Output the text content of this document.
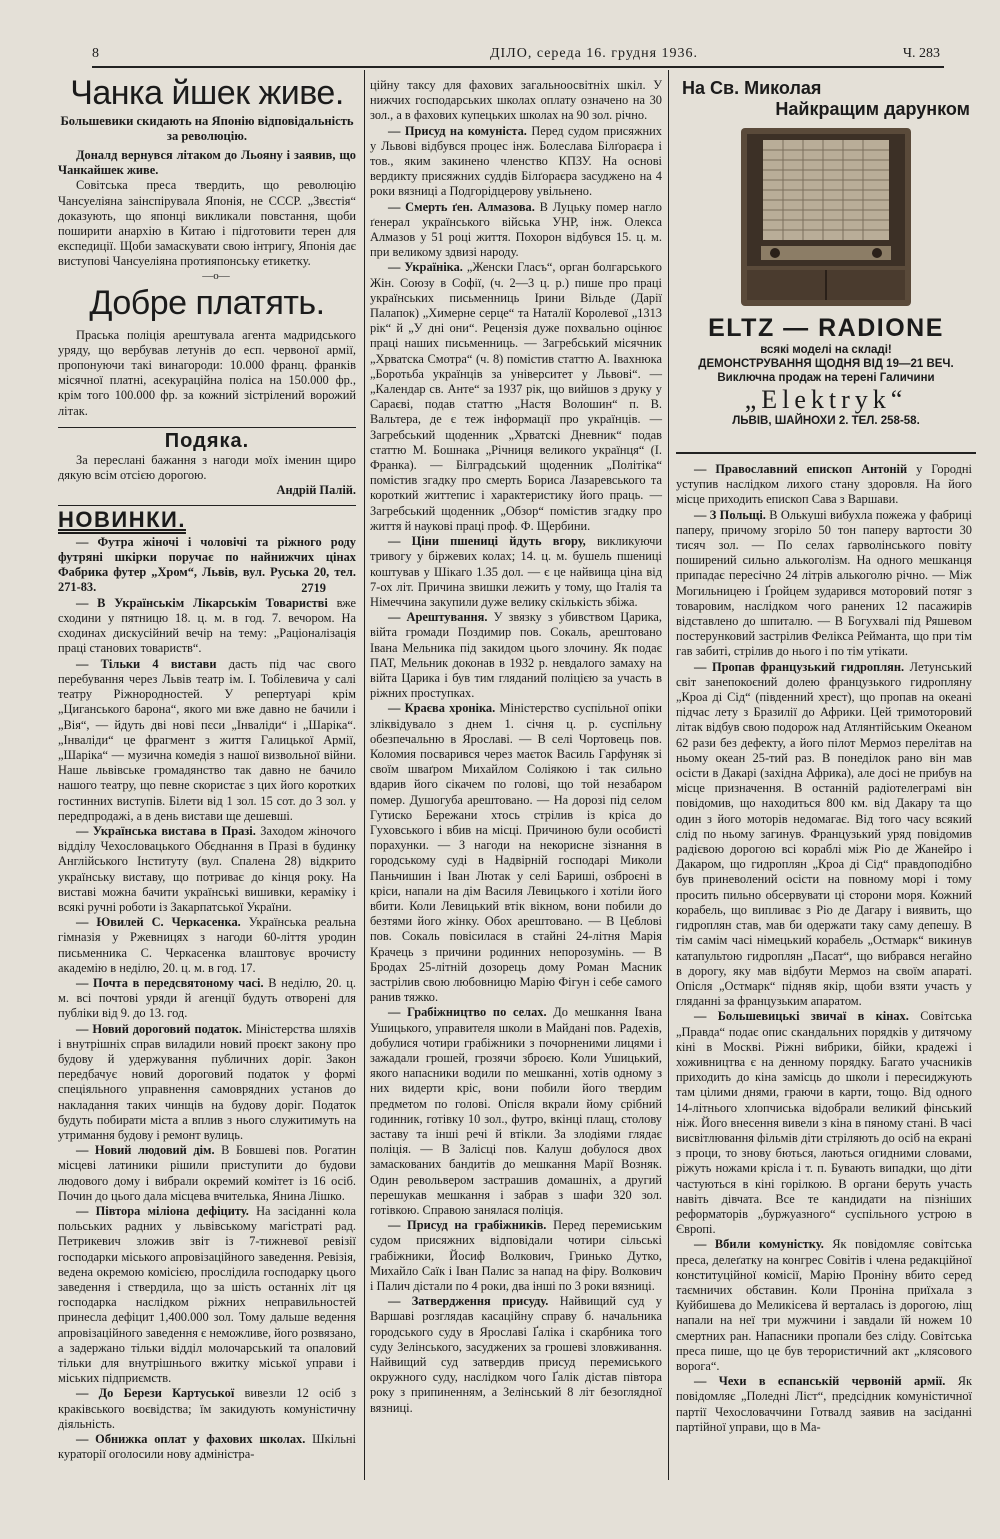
8	ДІЛО, середа 16. грудня 1936.	Ч. 283
Чанка йшек живе.
Большевики скидають на Японію відповідальність за революцію.

Доналд вернувся літаком до Льояну і заявив, що Чанкайшек живе.

Совітська преса твердить, що революцію Чансуеліяна заінспірувала Японія, не СССР. „Звєстія“ доказують, що японці викликали повстання, щоби поширити анархію в Китаю і підготовити терен для експедиції. Щоби замаскувати свою інтригу, Японія дає виступові Чансуеліяна протияпонську етикетку.

—o—

Добре платять.

Праська поліція арештувала агента мадридського уряду, що вербував летунів до есп. червоної армії, пропонуючи такі винагороди: 10.000 франц. франків місячної платні, асекураційна поліса на 150.000 фр., крім того 100.000 фр. за кожний зістрілений ворожий літак.

Подяка.

За переслані бажання з нагоди моїх іменин щиро дякую всім отсією дорогою.

Андрій Палій.
НОВИНКИ.

— Футра жіночі і чоловічі та ріжного роду футряні шкірки поручає по найнижчих цінах Фабрика футер „Хром“, Львів, вул. Руська 20, тел. 271-83.	2719

— В Українськім Лікарськім Товаристві вже сходини у пятницю 18. ц. м. в год. 7. вечором. На сходинах дискусійний вечір на тему: „Раціоналізація праці станових товариств“.

— Тільки 4 вистави дасть під час свого перебування через Львів театр ім. І. Тобілевича у салі театру Ріжнородностей. У репертуарі крім „Циганського барона“, якого ми вже давно не бачили і „Вія“, — йдуть дві нові пєси „Інваліди“ і „Шаріка“. „Інваліди“ це фрагмент з життя Галицької Армії, „Шаріка“ — музична комедія з нашої визвольної війни. Наше львівське громадянство так давно не бачило нашого театру, що певне скористає з цих його коротких гостинних виступів. Білети від 1 зол. 15 сот. до 3 зол. у передпродажі, а в день вистави ще дешевші.

— Українська вистава в Празі. Заходом жіночого відділу Чехословацького Обєднання в Празі в будинку Англійського Інституту (вул. Спалена 28) відкрито українську виставу, що потриває до кінця року. На виставі можна бачити українські вишивки, кераміку і всякі ручні роботи із Закарпатської України.

— Ювилей С. Черкасенка. Українська реальна гімназія у Ржевницях з нагоди 60-ліття уродин письменника С. Черкасенка влаштовує врочисту академію в неділю, 20. ц. м. в год. 17.

— Почта в передсвятоному часі. В неділю, 20. ц. м. всі почтові уряди й агенції будуть отворені для публіки від 9. до 13. год.

— Новий дороговий податок. Міністерства шляхів і внутрішніх справ виладили новий проєкт закону про будову й удержування публичних доріг. Закон передбачує новий дороговий податок у формі спеціяльного управнення самоврядних установ до накладання таких чинщів на будову доріг. Податок будуть побирати міста а вплив з нього служитимуть на утримання будову і ремонт вулиць.

— Новий людовий дім. В Бовшеві пов. Рогатин місцеві латиники рішили приступити до будови людового дому і вибрали окремий комітет із 16 осіб. Почин до цього дала місцева вчителька, Янина Лішко.

— Півтора міліона дефіциту. На засіданні кола польських радних у львівському магістраті рад. Петрикевич зложив звіт із 7-тижневої ревізії господарки міського апровізаційного заведення. Ревізія, ведена окремою комісією, прослідила господарку цього заведення і ствердила, що за шість останніх літ ця господарка наслідком ріжних неправильностей принесла дефіцит 1,400.000 зол. Тому дальше ведення апровізаційного заведення є неможливе, його розвязано, а задержано тільки відділ молочарський та опаловий тільки для внутрішнього вжитку міської управи і міських підприємств.

— До Берези Картуської вивезли 12 осіб з краківського воєвідства; їм закидують комуністичну діяльність.

— Обнижка оплат у фахових школах. Шкільні кураторії оголосили нову адміністра-

ційну таксу для фахових загальноосвітніх шкіл. У нижчих господарських школах оплату означено на 30 зол., а в фахових купецьких школах на 90 зол. річно.

— Присуд на комуніста. Перед судом присяжних у Львові відбувся процес інж. Болеслава Білґораєра і тов., яким закинено членство КПЗУ. На основі вердикту присяжних суддів Білґораєра засуджено на 4 роки вязниці а Подгорідцерову увільнено.

— Смерть ґен. Алмазова. В Луцьку помер наглo ґенерал українського війська УНР, інж. Олекса Алмазов у 51 році життя. Похорон відбувся 15. ц. м. при великому здвизі народу.

— Україніка. „Женски Гласъ“, орган болгарського Жін. Союзу в Софії, (ч. 2—3 ц. р.) пише про праці українських письменниць Ірини Вільде (Дарії Палапок) „Химерне серце“ та Наталії Королевої „1313 рік“ й „У дні они“. Рецензія дуже похвально оцінює праці наших письменниць. — Загребський місячник „Хрватска Смотра“ (ч. 8) помістив статтю А. Івахнюка „Боротьба українців за університет у Львові“. — „Календар св. Анте“ за 1937 рік, що вийшов з друку у Сараєві, подав статтю „Настя Волошин“ п. В. Вальтера, де є теж інформації про українців. — Загребський щоденник „Хрватскі Дневник“ подав статтю М. Бошнака „Річниця великого українця“ (І. Франка). — Білградський щоденник „Політіка“ помістив згадку про смерть Бориса Лазаревського та короткий життепис і характеристику його праць. — Загребський щоденник „Обзор“ помістив згадку про життя й наукові праці проф. Ф. Щербини.

— Ціни пшениці йдуть вгору, викликуючи тривогу у біржевих колах; 14. ц. м. бушель пшениці коштував у Шікаго 1.35 дол. — є це найвища ціна від 7-ох літ. Причина звишки лежить у тому, що Італія та Німеччина закупили дуже велику скількість збіжа.

— Арештування. У звязку з убивством Царика, війта громади Поздимир пов. Сокаль, арештовано Івана Мельника під закидом цього злочину. Як подає ПАТ, Мельник доконав в 1932 р. невдалого замаху на війта Царика і був тим гляданий поліцією за участь в ріжних проступках.

— Краєва хроніка. Міністерство суспільної опіки зліквідувало з днем 1. січня ц. р. суспільну обезпечальню в Ярославі. — В селі Чортовець пов. Коломия посварився через маєток Василь Гарфуняк зі своїм шваґром Михайлом Соліякою і так сильно вдарив його сікачем по голові, що той незабаром помер. Душогуба арештовано. — На дорозі під селом Гутиско Бережани хтось стрілив із кріса до Гуховського і вбив на місці. Причиною були особисті порахунки. — З нагоди на некорисне зізнання в городському суді в Надвірній господарі Миколи Паньчишин і Іван Лютак у селі Бариші, озброєні в кріси, напали на дім Василя Левицького і хотіли його вбити. Коли Левицький втік вікном, вони побили до безтями його жінку. Обох арештовано. — В Цеблові пов. Сокаль повісилася в стайні 24-літня Марія Крачець з причини родинних непорозумінь. — В Бродах 25-літній дозорець дому Роман Масник застрілив свою любовницю Марію Фігун і себе самого ранив тяжко.

— Грабіжництво по селах. До мешкання Івана Ушицького, управителя школи в Майдані пов. Радехів, добулися чотири грабіжники з почорненими лицями і зажадали грошей, грозячи зброєю. Коли Ушицький, якого напасники водили по мешканні, хотів одному з них видерти кріс, вони побили його твердим предметом по голові. Опісля вкрали йому срібний годинник, готівку 10 зол., футро, вкінці плащ, столову заставу та інші речі й втікли. За злодіями глядає поліція. — В Залісці пов. Калуш добулося двох замаскованих бандитів до мешкання Марії Возняк. Один револьвером застрашив домашніх, а другий перешукав мешкання і забрав з шафи 320 зол. готівкою. Справою занялася поліція.

— Присуд на грабіжників. Перед перемиським судом присяжних відповідали чотири сільські грабіжники, Йосиф Волкович, Гринько Дутко, Михайло Саїк і Іван Палис за напад на фіру. Волкович і Палич дістали по 4 роки, два інші по 3 роки вязниці.

— Затвердження присуду. Найвищий суд у Варшаві розглядав касаційну справу б. начальника городського суду в Ярославі Ґаліка і скарбника того суду Зелінського, засуджених за грошеві зловживання. Найвищий суд затвердив присуд перемиського окружного суду, наслідком чого Ґалік дістав півтора року з припиненням, а Зелінський 8 літ безоглядної вязниці.

На Св. Миколая
Найкращим дарунком
ELTZ — RADIONE
всякі моделі на складі!
ДЕМОНСТРУВАННЯ ЩОДНЯ ВІД 19—21 ВЕЧ.
Виключна продаж на терені Галичини
„Elektryk“
ЛЬВІВ, ШАЙНОХИ 2. ТЕЛ. 258-58.

— Православний епископ Антоній у Городні уступив наслідком лихого стану здоровля. На його місце приходить епископ Сава з Варшави.

— З Польщі. В Олькуші вибухла пожежа у фабриці паперу, причому згоріло 50 тон паперу вартости 30 тисяч зол. — По селах ґарволінського повіту поширений сильно алькоголізм. На одного мешканця припадає пересічно 24 літрів алькоголю річно. — Між Могильницею і Ґройцем зударився моторовий потяг з товаровим, наслідком чого ранених 12 пасажирів відставлено до шпиталю. — В Богухвалі під Ряшевом постерунковий застрілив Фелікса Рейманта, що при тім гав забиті, стрілив до нього і по тім утікати.

— Пропав французький гидроплян. Летунський світ занепокоєний долею французького гидроплянy „Кроа ді Сід“ (південний хрест), що пропав на океані підчас лету з Бразилії до Африки. Цей тримоторовий літак відбув свою подорож над Атлянтійським Океаном 62 рази без дефекту, а його пілот Мермоз перелітав на ньому океан 25-тий раз. В понеділок рано він мав осісти в Дакарі (західна Африка), але досі не прибув на місце призначення. В останній радіотелеграмі він повідомив, що находиться 800 км. від Дакару та що один з його моторів недомагає. Від того часу всякий слід по ньому загинув. Французький уряд повідомив радієвою дорогою всі кораблі між Ріо де Жанейро і Дакаром, що гидроплян „Кроа ді Сід“ правдоподібно був приневолений осісти на повному морі і тому просить пильно обсервувати ці сторони моря. Кожний корабель, що випливає з Ріо де Дагару і виявить, що гидроплян став, мав би одержати таку саму депешу. В тім самім часі німецький корабель „Остмарк“ викинув катапультою гидроплян „Пасат“, що вибрався негайно в дорогу, яку мав відбути Мермоз на своїм апараті. Опісля „Остмарк“ підняв якір, щоби взяти участь у гляданні за французьким апаратом.

— Большевицькі звичаї в кінах. Совітська „Правда“ подає опис скандальних порядків у дитячому кіні в Москві. Ріжні вибрики, бійки, крадежі і хоживництва є на денному порядку. Багато учасників приходить до кіна замісць до школи і пересиджують там цілими днями, граючи в карти, тощо. Від одного 14-літнього хлопчиська відобрали великий фінський ніж. Його внесення вивели з кіна в пяному стані. В часі висвітлювання фільмів діти стріляють до осіб на екрані з проци, то знову бються, лаються огидними словами, ріжуть ножами крісла і т. п. Бувають випадки, що діти частуються в кіні горілкою. В органи беруть участь навіть дівчата. Все те кандидати на пізніших реформаторів „буржуазного“ суспільного устрою в Європі.

— Вбили комуністку. Як повідомляє совітська преса, делеґатку на конгрес Совітів і члена редакційної конституційної комісії, Марію Проніну вбито серед таємничих обставин. Коли Проніна приїхала з Куйбишева до Меликісева й верталась із дорогою, ліщ напали на неї три мужчини і завдали їй ножем 10 смертних ран. Напасники пропали без сліду. Совітська преса пише, що це був терористичний акт „клясового ворога“.

— Чехи в еспанській червоній армії. Як повідомляє „Поледні Ліст“, предсідник комуністичної партії Чехословаччини Готвалд заявив на засіданні партійної управи, що в Ма-
